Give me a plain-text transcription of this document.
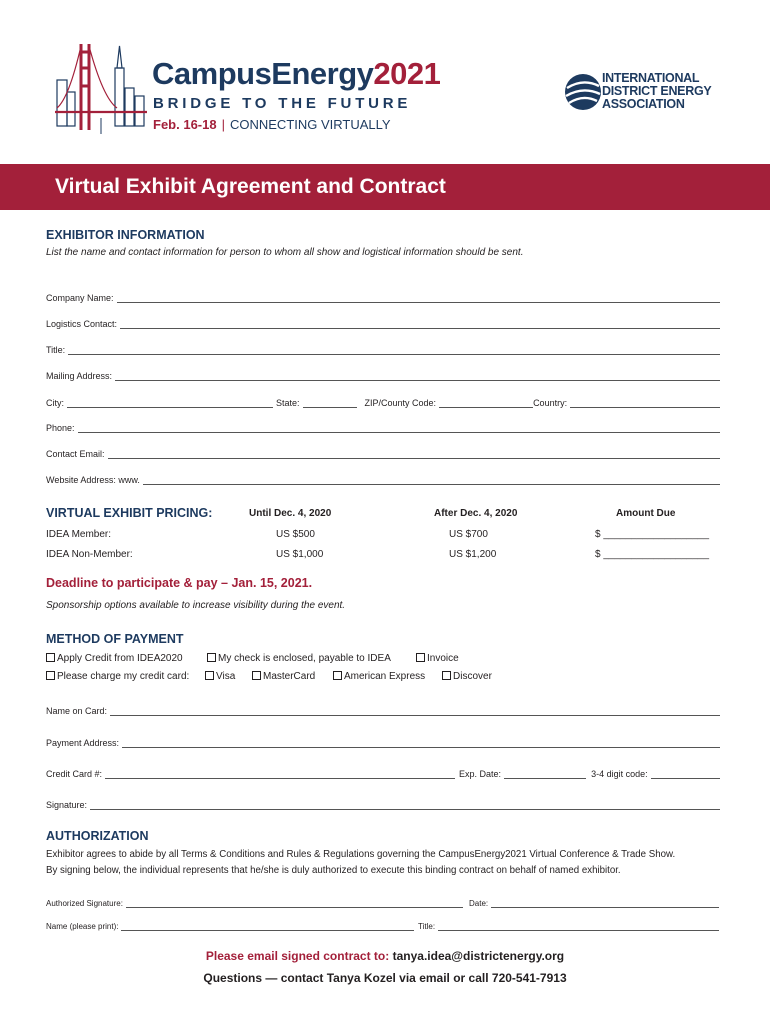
CampusEnergy2021
BRIDGE TO THE FUTURE
Feb. 16-18 | CONNECTING VIRTUALLY
INTERNATIONAL
DISTRICT ENERGY
ASSOCIATION
Virtual Exhibit Agreement and Contract
EXHIBITOR INFORMATION
List the name and contact information for person to whom all show and logistical information should be sent.
Company Name:
Logistics Contact:
Title:
Mailing Address:
City:	State:	ZIP/County Code:	Country:
Phone:
Contact Email:
Website Address: www.
VIRTUAL EXHIBIT PRICING:	Until Dec. 4, 2020	After Dec. 4, 2020	Amount Due
IDEA Member:	US $500	US $700	$ ___________________
IDEA Non-Member:	US $1,000	US $1,200	$ ___________________
Deadline to participate & pay – Jan. 15, 2021.
Sponsorship options available to increase visibility during the event.
METHOD OF PAYMENT
Apply Credit from IDEA2020	My check is enclosed, payable to IDEA	Invoice
Please charge my credit card:	Visa	MasterCard	American Express	Discover
Name on Card:
Payment Address:
Credit Card #:	Exp. Date:	3-4 digit code:
Signature:
AUTHORIZATION
Exhibitor agrees to abide by all Terms & Conditions and Rules & Regulations governing the CampusEnergy2021 Virtual Conference & Trade Show.
By signing below, the individual represents that he/she is duly authorized to execute this binding contract on behalf of named exhibitor.
Authorized Signature:	Date:
Name (please print):	Title:
Please email signed contract to: tanya.idea@districtenergy.org
Questions — contact Tanya Kozel via email or call 720-541-7913
